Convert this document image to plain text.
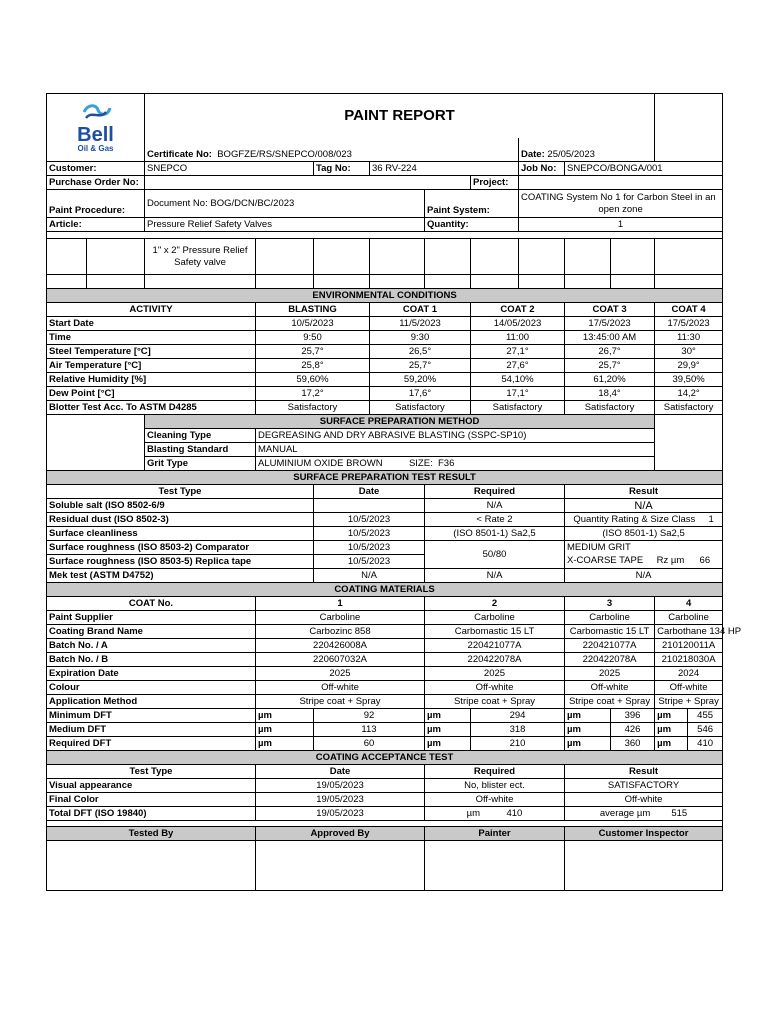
Bell
Oil & Gas		PAINT REPORT										
		Certificate No: BOGFZE/RS/SNEPCO/008/023						Date: 25/05/2023				
Customer:		SNEPCO		Tag No:	36 RV-224			Job No:	SNEPCO/BONGA/001			
Purchase Order No:							Project:					
Paint Procedure:		Document No: BOG/DCN/BC/2023				Paint System:		COATING System No 1 for Carbon Steel in an
open zone				

Article:		Pressure Relief Safety Valves				Quantity:		1				

		1" x 2" Pressure Relief
Safety valve										

ENVIRONMENTAL CONDITIONS												
ACTIVITY			BLASTING		COAT 1		COAT 2		COAT 3		COAT 4	
Start Date			10/5/2023		11/5/2023		14/05/2023		17/5/2023		17/5/2023	
Time			9:50		9:30		11:00		13:45:00 AM		11:30	
Steel Temperature [°C]			25,7°		26,5°		27,1°		26,7°		30°	
Air Temperature [°C]			25,8°		25,7°		27,6°		25,7°		29,9°	
Relative Humidity [%]			59,60%		59,20%		54,10%		61,20%		39,50%	
Dew Point [°C]			17,2°		17,6°		17,1°		18,4°		14,2°	
Blotter Test Acc. To ASTM D4285			Satisfactory		Satisfactory		Satisfactory		Satisfactory		Satisfactory	
		SURFACE PREPARATION METHOD										
		Cleaning Type	DEGREASING AND DRY ABRASIVE BLASTING (SSPC-SP10)									
		Blasting Standard	MANUAL									
		Grit Type	ALUMINIUM OXIDE BROWN          SIZE:  F36									
SURFACE PREPARATION TEST RESULT												
Test Type				Date		Required			Result			
Soluble salt (ISO 8502-6/9						N/A			N/A			
Residual dust (ISO 8502-3)				10/5/2023		< Rate 2			Quantity Rating & Size Class     1			
Surface cleanliness				10/5/2023		(ISO 8501-1) Sa2,5			(ISO 8501-1) Sa2,5			
Surface roughness (ISO 8503-2) Comparator				10/5/2023		50/80			MEDIUM GRIT			
Surface roughness (ISO 8503-5) Replica tape				10/5/2023					X-COARSE TAPE		Rz µm	66
Mek test (ASTM D4752)				N/A		N/A			N/A			
COATING MATERIALS												
COAT No.			1			2			3		4	
Paint Supplier			Carboline			Carboline			Carboline		Carboline	
Coating Brand Name			Carbozinc 858			Carbomastic 15 LT			Carbomastic 15 LT		Carbothane 134 HP	
Batch No. / A			220426008A			220421077A			220421077A		210120011A	
Batch No. / B			220607032A			220422078A			220422078A		210218030A	
Expiration Date			2025			2025			2025		2024	
Colour			Off-white			Off-white			Off-white		Off-white	
Application Method			Stripe coat + Spray			Stripe coat + Spray			Stripe coat + Spray		Stripe + Spray	
Minimum DFT			µm	92		µm	294		µm	396	µm	455
Medium DFT			µm	113		µm	318		µm	426	µm	546
Required DFT			µm	60		µm	210		µm	360	µm	410
COATING ACCEPTANCE TEST												
Test Type			Date			Required			Result			
Visual appearance			19/05/2023			No, blister ect.			SATISFACTORY			
Final Color			19/05/2023			Off-white			Off-white			
Total DFT (ISO 19840)			19/05/2023			µm          410			average µm        515			

Tested By			Approved By			Painter			Customer Inspector			
